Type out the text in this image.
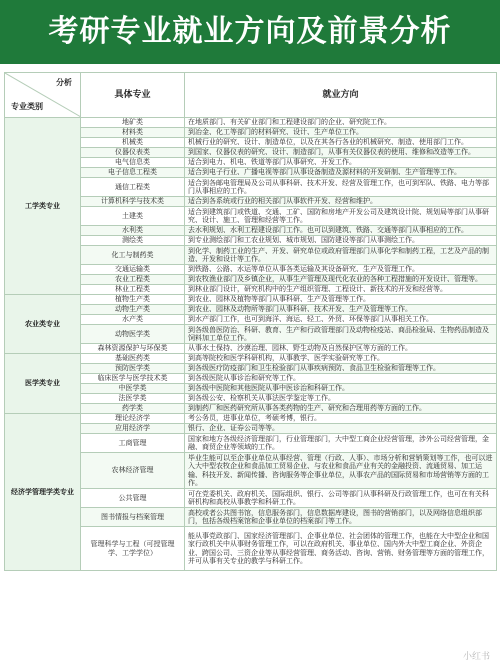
考研专业就业方向及前景分析
分析
专业类别	具体专业	就业方向
工学类专业	地矿类	在地质部门、有关矿业部门和工程建设部门的企业、研究院工作。
	材料类	到冶金、化工等部门的材料研究、设计、生产单位工作。
	机械类	机械行业的研究、设计、制造单位，以及在其各行各业的机械研究、制造、使用部门工作。
	仪器仪表类	到国家、仪器仪表的研究、设计、制造部门，从事有关仪器仪表的使用、维修和改造等工作。
	电气信息类	适合到电力、机电、铁道等部门从事研究、开发工作。
	电子信息工程类	适合到电子行业、广播电视等部门从事设备制造及源材料的开发研制、生产管理等工作。
	通信工程类	适合到各邮电管理局及公司从事科研、技术开发、经营及管理工作，也可到军队、铁路、电力等部门从事相应的工作。
	计算机科学与技术类	适合到各系统或行业的相关部门从事软件开发、经营和维护。
	土建类	适合到建筑部门或铁道、交通、工矿、国防和房地产开发公司及建筑设计院、规划局等部门从事研究、设计、施工、管理和经营等工作。
	水利类	去水利规划、水利工程建设部门工作。也可以到建筑、铁路、交通等部门从事相应的工作。
	测绘类	到专业测绘部门和工农业规划、城市规划、国防建设等部门从事测绘工作。
	化工与制药类	到化学、制药工业的生产、开发、研究单位或政府管理部门从事化学和制药工程，工艺及产品的制造、开发和设计等工作。
	交通运输类	到铁路、公路、水运等单位从事各类运输及其设备研究、生产及管理工作。
	农业工程类	到农牧渔业部门及乡镇企业，从事生产管理及现代化农业的各种工程措施的开发设计、管理等。
	林业工程类	到林业部门设计，研究机构中的生产组织管理、工程设计、新技术的开发和经营等。
农业类专业	植物生产类	到农业、园林及植物等部门从事科研、生产及管理等工作。
	动物生产类	到农业、园林及动物所等部门从事科研、技术开发、生产及管理等工作。
	水产类	到水产部门工作，也可到海洋、海运、轻工、外贸、环保等部门从事相关工作。
	动物医学类	到各级兽医防治、科研、教育、生产和行政管理部门及动物检疫站、商品检验局、生物药品制造及饲料加工单位工作。
	森林资源保护与环保类	从事水土保持、沙漠治理、园林、野生动物及自然保护区等方面的工作。
医学类专业	基础医药类	到高等院校和医学科研机构，从事教学、医学实验研究等工作。
	预防医学类	到各级医疗防疫部门和卫生检验部门从事疾病预防、食品卫生检验和管理等工作。
	临床医学与医学技术类	到各级医院从事诊治和研究等工作。
	中医学类	到各级中医院和其他医院从事中医诊治和科研工作。
	法医学类	到各级公安、检察机关从事法医学鉴定等工作。
	药学类	到制药厂和医药研究所从事各类药物的生产、研究和合理用药等方面的工作。
经济学管理学类专业	理论经济学	考公务员，进事业单位，考硕考博，银行。
	应用经济学	银行、企业、证券公司等等。
	工商管理	国家和地方各级经济管理部门，行业管理部门，大中型工商企业经营管理，涉外公司经营管理，金融、商贸企业等领域的工作。
	农林经济管理	毕业生能可以至企事业单位从事经营、管理（行政、人事）、市场分析和营销策划等工作，也可以进入大中型农牧企业和食品加工贸易企业、与农业和食品产业有关的金融投资、流通贸易、加工运输、科技开发、新闻传播、咨询服务等企事业单位，从事农产品的国际贸易和市场营销等方面的工作。
	公共管理	可在党委机关、政府机关、国际组织、银行、公司等部门从事科研及行政管理工作，也可在有关科研机构和高校从事教学和科研工作。
	图书情报与档案管理	高校或者公共图书馆，信息服务部门，信息数据库建设，图书的营销部门，以及网络信息组织部门，包括各级档案馆和企事业单位的档案部门等工作。
	管理科学与工程（可授管理学、工学学位）	能从事党政部门、国家经济管理部门、企事业单位、社会团体的管理工作，也能在大中型企业和国家行政机关中从事财务管理工作，可以在政府机关、事业单位、国内外大中型工商企业、外资企业、跨国公司、三资企业等从事经营管理、商务活动、咨询、营销、财务管理等方面的管理工作，并可从事有关专业的教学与科研工作。
小红书
